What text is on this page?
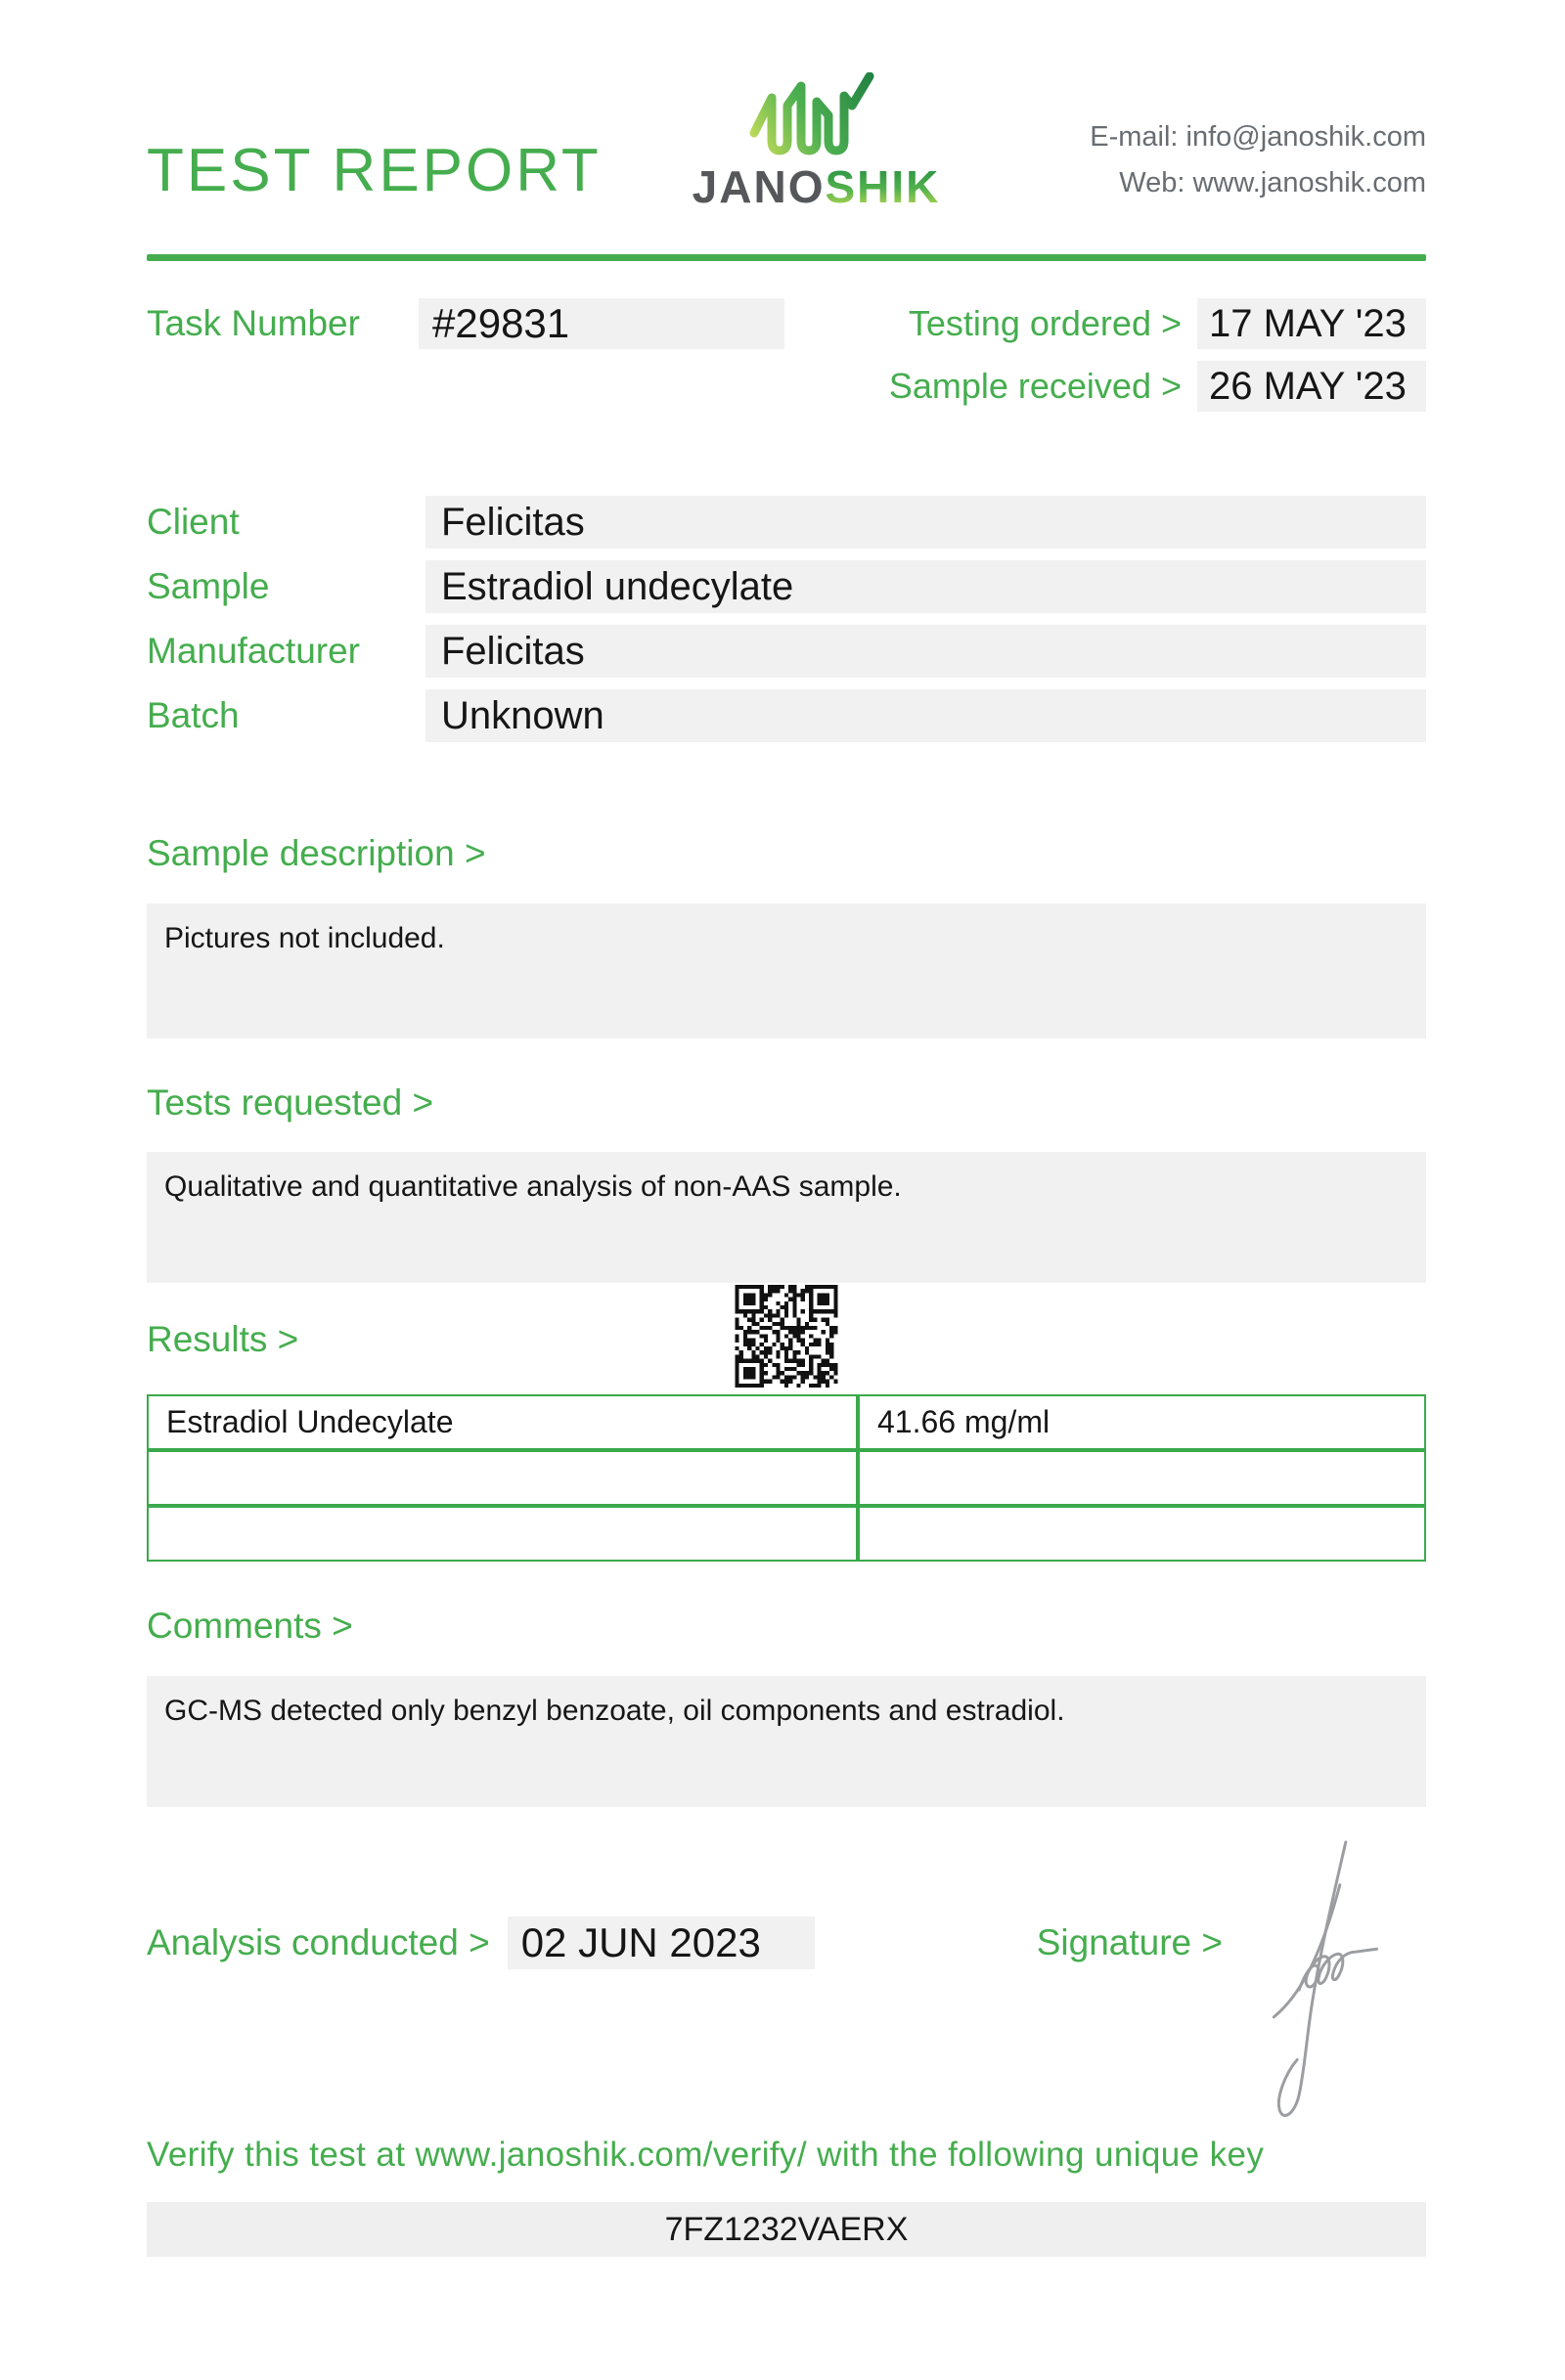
TEST REPORT JANOSHIK
E-mail: info@janoshik.com
Web: www.janoshik.com
Task Number	#29831	Testing ordered > 17 MAY '23
Sample received > 26 MAY '23
Client	Felicitas
Sample	Estradiol undecylate
Manufacturer	Felicitas
Batch	Unknown
Sample description >
Pictures not included.
Tests requested >
Qualitative and quantitative analysis of non-AAS sample.
Results >
Estradiol Undecylate	41.66 mg/ml

Comments >
GC-MS detected only benzyl benzoate, oil components and estradiol.
Analysis conducted > 02 JUN 2023	Signature >
Verify this test at www.janoshik.com/verify/ with the following unique key
7FZ1232VAERX
